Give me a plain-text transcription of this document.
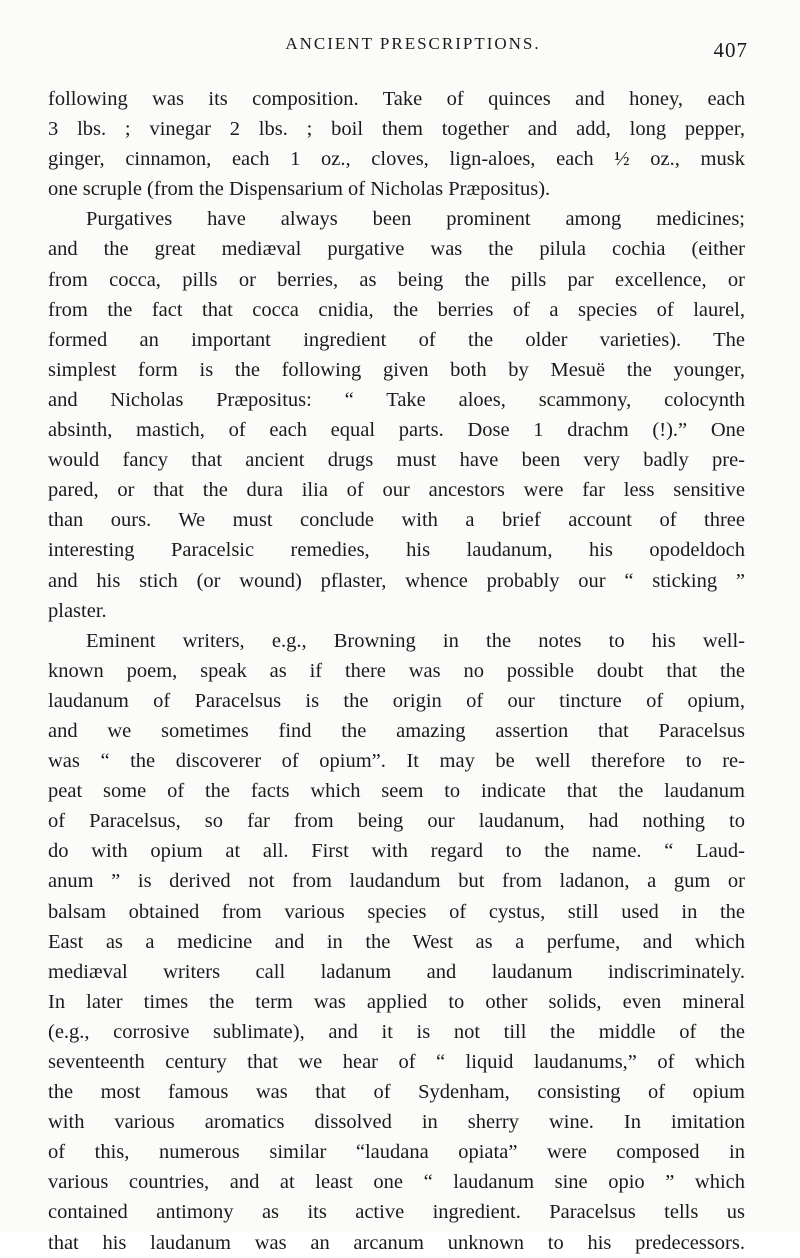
ANCIENT PRESCRIPTIONS.	407
following was its composition. Take of quinces and honey, each
3 lbs. ; vinegar 2 lbs. ; boil them together and add, long pepper,
ginger, cinnamon, each 1 oz., cloves, lign-aloes, each ½ oz., musk
one scruple (from the Dispensarium of Nicholas Præpositus).
Purgatives have always been prominent among medicines;
and the great mediæval purgative was the pilula cochia (either
from cocca, pills or berries, as being the pills par excellence, or
from the fact that cocca cnidia, the berries of a species of laurel,
formed an important ingredient of the older varieties). The
simplest form is the following given both by Mesuë the younger,
and Nicholas Præpositus: “ Take aloes, scammony, colocynth
absinth, mastich, of each equal parts. Dose 1 drachm (!).” One
would fancy that ancient drugs must have been very badly pre-
pared, or that the dura ilia of our ancestors were far less sensitive
than ours. We must conclude with a brief account of three
interesting Paracelsic remedies, his laudanum, his opodeldoch
and his stich (or wound) pflaster, whence probably our “ sticking ”
plaster.
Eminent writers, e.g., Browning in the notes to his well-
known poem, speak as if there was no possible doubt that the
laudanum of Paracelsus is the origin of our tincture of opium,
and we sometimes find the amazing assertion that Paracelsus
was “ the discoverer of opium”. It may be well therefore to re-
peat some of the facts which seem to indicate that the laudanum
of Paracelsus, so far from being our laudanum, had nothing to
do with opium at all. First with regard to the name. “ Laud-
anum ” is derived not from laudandum but from ladanon, a gum or
balsam obtained from various species of cystus, still used in the
East as a medicine and in the West as a perfume, and which
mediæval writers call ladanum and laudanum indiscriminately.
In later times the term was applied to other solids, even mineral
(e.g., corrosive sublimate), and it is not till the middle of the
seventeenth century that we hear of “ liquid laudanums,” of which
the most famous was that of Sydenham, consisting of opium
with various aromatics dissolved in sherry wine. In imitation
of this, numerous similar “laudana opiata” were composed in
various countries, and at least one “ laudanum sine opio ” which
contained antimony as its active ingredient. Paracelsus tells us
that his laudanum was an arcanum unknown to his predecessors.
